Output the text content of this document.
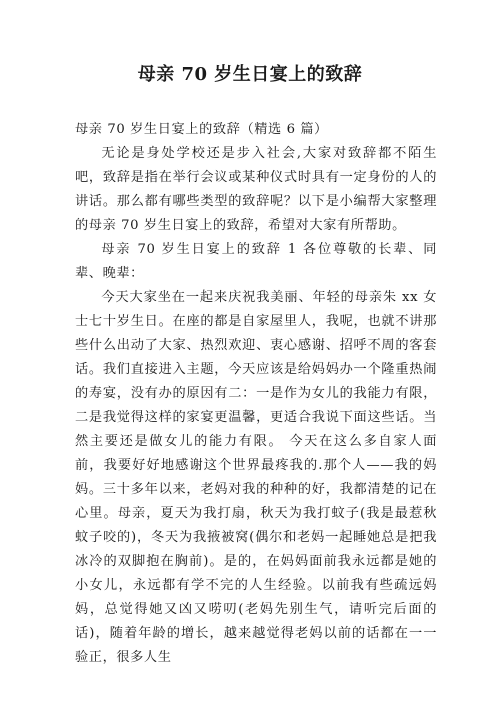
母亲 70 岁生日宴上的致辞

母亲 70 岁生日宴上的致辞（精选 6 篇）

无论是身处学校还是步入社会,大家对致辞都不陌生吧，致辞是指在举行会议或某种仪式时具有一定身份的人的讲话。那么都有哪些类型的致辞呢？以下是小编帮大家整理的母亲 70 岁生日宴上的致辞，希望对大家有所帮助。

母亲 70 岁生日宴上的致辞 1 各位尊敬的长辈、同辈、晚辈：

今天大家坐在一起来庆祝我美丽、年轻的母亲朱 xx 女士七十岁生日。在座的都是自家屋里人，我呢，也就不讲那些什么出动了大家、热烈欢迎、衷心感谢、招呼不周的客套话。我们直接进入主题，今天应该是给妈妈办一个隆重热闹的寿宴，没有办的原因有二：一是作为女儿的我能力有限，二是我觉得这样的家宴更温馨，更适合我说下面这些话。当然主要还是做女儿的能力有限。 今天在这么多自家人面前，我要好好地感谢这个世界最疼我的.那个人——我的妈妈。三十多年以来，老妈对我的种种的好，我都清楚的记在心里。母亲，夏天为我打扇，秋天为我打蚊子(我是最惹秋蚊子咬的)，冬天为我掖被窝(偶尔和老妈一起睡她总是把我冰冷的双脚抱在胸前)。是的，在妈妈面前我永远都是她的小女儿，永远都有学不完的人生经验。以前我有些疏远妈妈，总觉得她又凶又唠叨(老妈先别生气，请听完后面的话)，随着年龄的增长，越来越觉得老妈以前的话都在一一验正，很多人生
